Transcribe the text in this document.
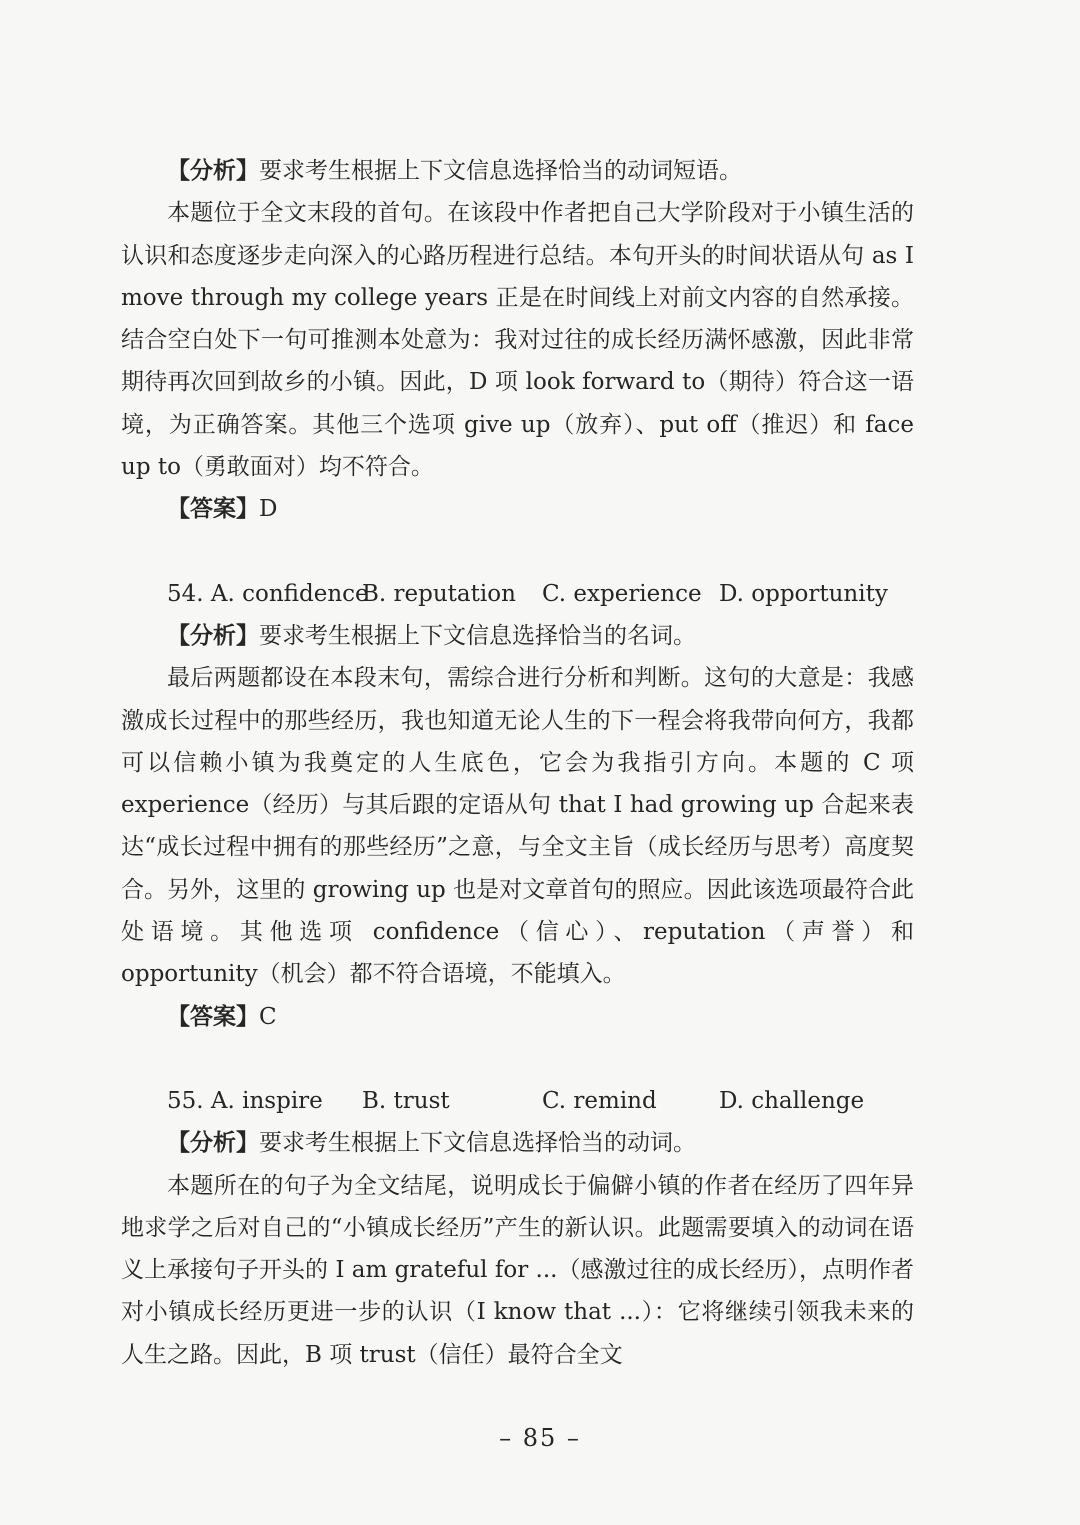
【分析】要求考生根据上下文信息选择恰当的动词短语。

本题位于全文末段的首句。在该段中作者把自己大学阶段对于小镇生活的认识和态度逐步走向深入的心路历程进行总结。本句开头的时间状语从句 as I move through my college years 正是在时间线上对前文内容的自然承接。结合空白处下一句可推测本处意为：我对过往的成长经历满怀感激，因此非常期待再次回到故乡的小镇。因此，D 项 look forward to（期待）符合这一语境，为正确答案。其他三个选项 give up（放弃）、put off（推迟）和 face up to（勇敢面对）均不符合。

【答案】D

54. A. confidence
B. reputation	C. experience D. opportunity

【分析】要求考生根据上下文信息选择恰当的名词。

最后两题都设在本段末句，需综合进行分析和判断。这句的大意是：我感激成长过程中的那些经历，我也知道无论人生的下一程会将我带向何方，我都可以信赖小镇为我奠定的人生底色，它会为我指引方向。本题的 C 项 experience（经历）与其后跟的定语从句 that I had growing up 合起来表达“成长过程中拥有的那些经历”之意，与全文主旨（成长经历与思考）高度契合。另外，这里的 growing up 也是对文章首句的照应。因此该选项最符合此处语境。其他选项 confidence（信心）、reputation（声誉）和 opportunity（机会）都不符合语境，不能填入。

【答案】C

55. A. inspire	B. trust	C. remind	D. challenge

【分析】要求考生根据上下文信息选择恰当的动词。

本题所在的句子为全文结尾，说明成长于偏僻小镇的作者在经历了四年异地求学之后对自己的“小镇成长经历”产生的新认识。此题需要填入的动词在语义上承接句子开头的 I am grateful for ...（感激过往的成长经历），点明作者对小镇成长经历更进一步的认识（I know that ...）：它将继续引领我未来的人生之路。因此，B 项 trust（信任）最符合全文

– 85 –
